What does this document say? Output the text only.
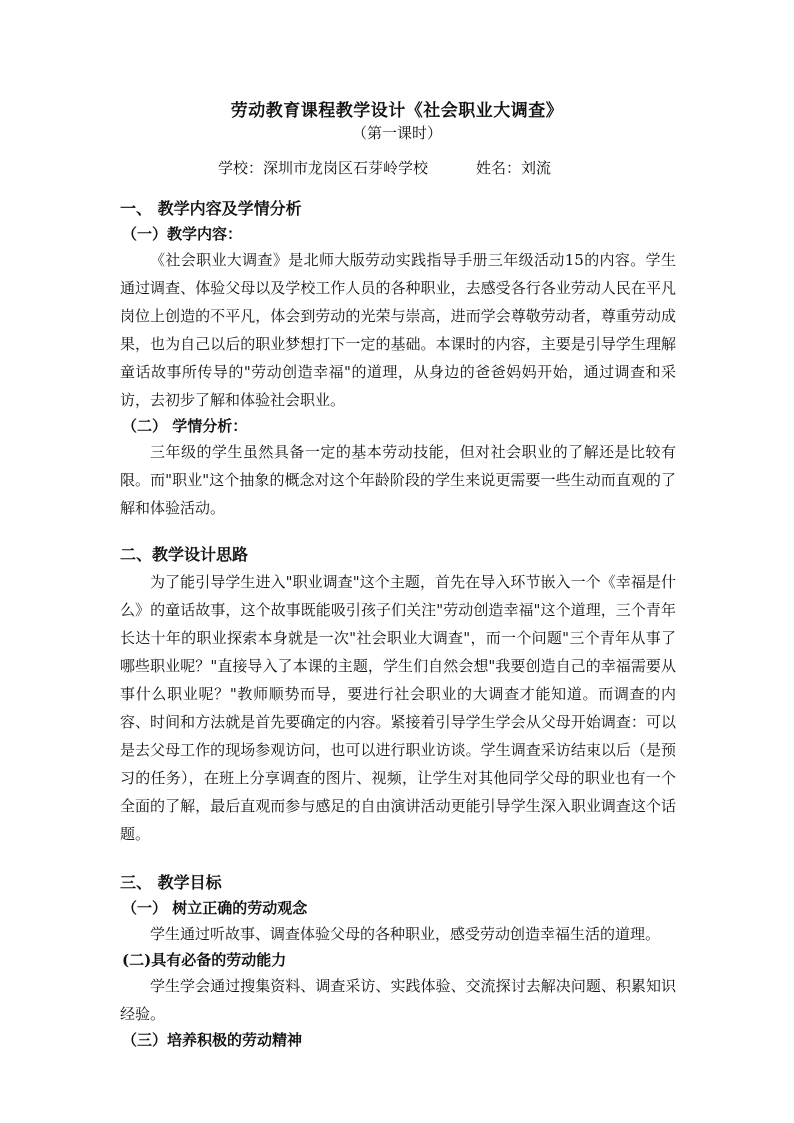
劳动教育课程教学设计《社会职业大调查》
（第一课时）
学校：深圳市龙岗区石芽岭学校	姓名：刘流
一、 教学内容及学情分析
（一）教学内容：

《社会职业大调查》是北师大版劳动实践指导手册三年级活动15的内容。学生通过调查、体验父母以及学校工作人员的各种职业，去感受各行各业劳动人民在平凡岗位上创造的不平凡，体会到劳动的光荣与崇高，进而学会尊敬劳动者，尊重劳动成果，也为自己以后的职业梦想打下一定的基础。本课时的内容，主要是引导学生理解童话故事所传导的"劳动创造幸福"的道理，从身边的爸爸妈妈开始，通过调查和采访，去初步了解和体验社会职业。

（二） 学情分析：

三年级的学生虽然具备一定的基本劳动技能，但对社会职业的了解还是比较有限。而"职业"这个抽象的概念对这个年龄阶段的学生来说更需要一些生动而直观的了解和体验活动。

二、教学设计思路

为了能引导学生进入"职业调查"这个主题，首先在导入环节嵌入一个《幸福是什么》的童话故事，这个故事既能吸引孩子们关注"劳动创造幸福"这个道理，三个青年长达十年的职业探索本身就是一次"社会职业大调查"，而一个问题"三个青年从事了哪些职业呢？"直接导入了本课的主题，学生们自然会想"我要创造自己的幸福需要从事什么职业呢？"教师顺势而导，要进行社会职业的大调查才能知道。而调查的内容、时间和方法就是首先要确定的内容。紧接着引导学生学会从父母开始调查：可以是去父母工作的现场参观访问，也可以进行职业访谈。学生调查采访结束以后（是预习的任务），在班上分享调查的图片、视频，让学生对其他同学父母的职业也有一个全面的了解，最后直观而参与感足的自由演讲活动更能引导学生深入职业调查这个话题。

三、 教学目标
（一） 树立正确的劳动观念

学生通过听故事、调查体验父母的各种职业，感受劳动创造幸福生活的道理。

(二)具有必备的劳动能力

学生学会通过搜集资料、调查采访、实践体验、交流探讨去解决问题、积累知识经验。

（三）培养积极的劳动精神
